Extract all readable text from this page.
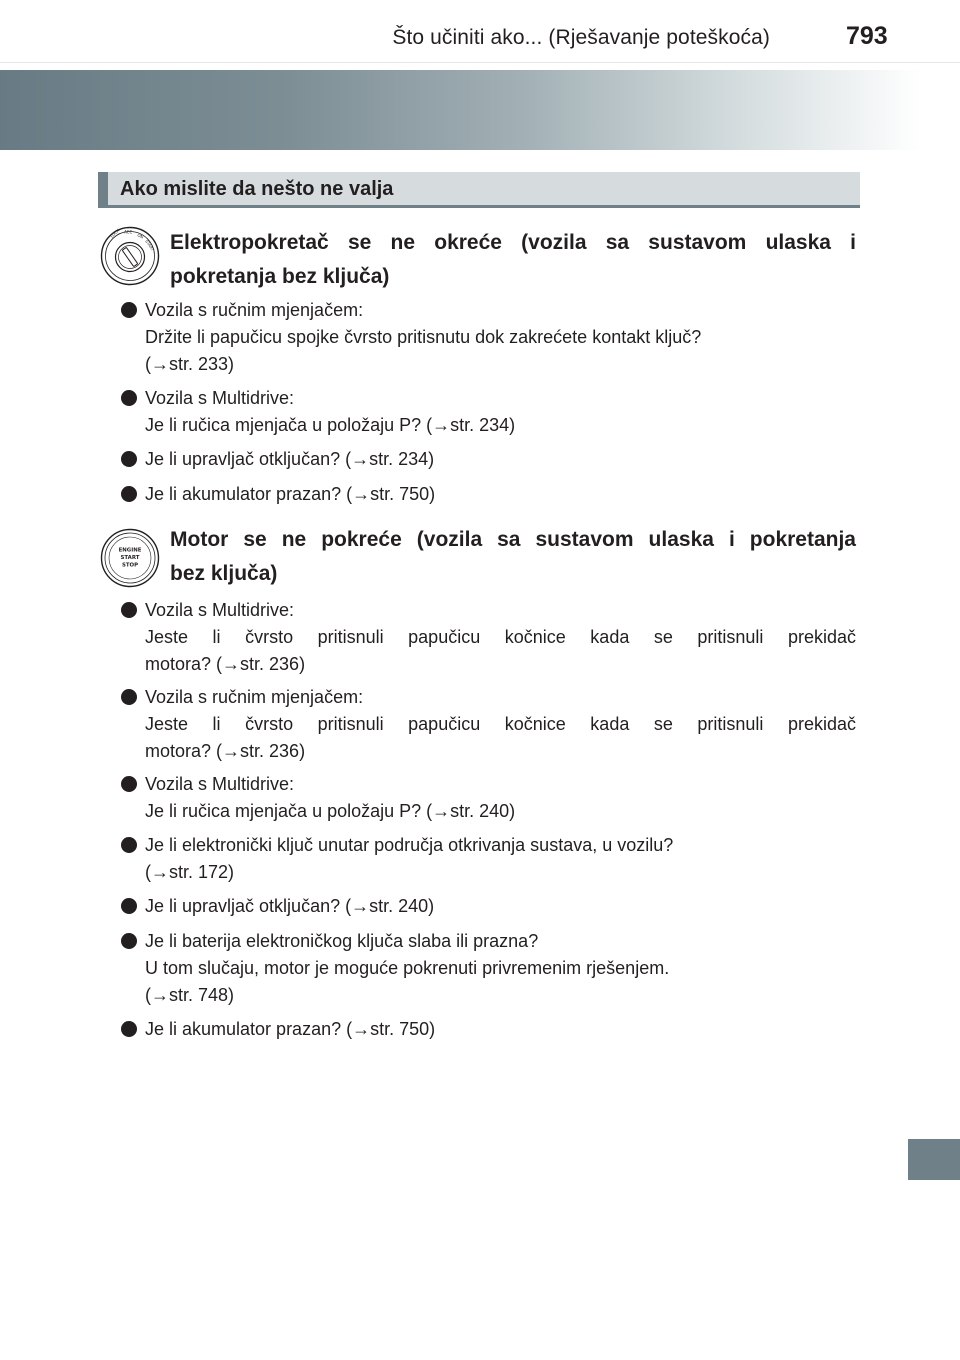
Što učiniti ako... (Rješavanje poteškoća)	793
Ako mislite da nešto ne valja
LOCK ACC
ON
START Elektropokretač se ne okreće (vozila sa sustavom ulaska i
pokretanja bez ključa)
Vozila s ručnim mjenjačem:
Držite li papučicu spojke čvrsto pritisnutu dok zakrećete kontakt ključ?
(→str. 233)
Vozila s Multidrive:
Je li ručica mjenjača u položaju P? (→str. 234)
Je li upravljač otključan? (→str. 234)
Je li akumulator prazan? (→str. 750)
ENGINE
START
STOP
Motor se ne pokreće (vozila sa sustavom ulaska i pokretanja
bez ključa)
Vozila s Multidrive:
Jeste li čvrsto pritisnuli papučicu kočnice kada se pritisnuli prekidač
motora? (→str. 236)
Vozila s ručnim mjenjačem:
Jeste li čvrsto pritisnuli papučicu kočnice kada se pritisnuli prekidač
motora? (→str. 236)
Vozila s Multidrive:
Je li ručica mjenjača u položaju P? (→str. 240)
Je li elektronički ključ unutar područja otkrivanja sustava, u vozilu?
(→str. 172)
Je li upravljač otključan? (→str. 240)
Je li baterija elektroničkog ključa slaba ili prazna?
U tom slučaju, motor je moguće pokrenuti privremenim rješenjem.
(→str. 748)
Je li akumulator prazan? (→str. 750)
